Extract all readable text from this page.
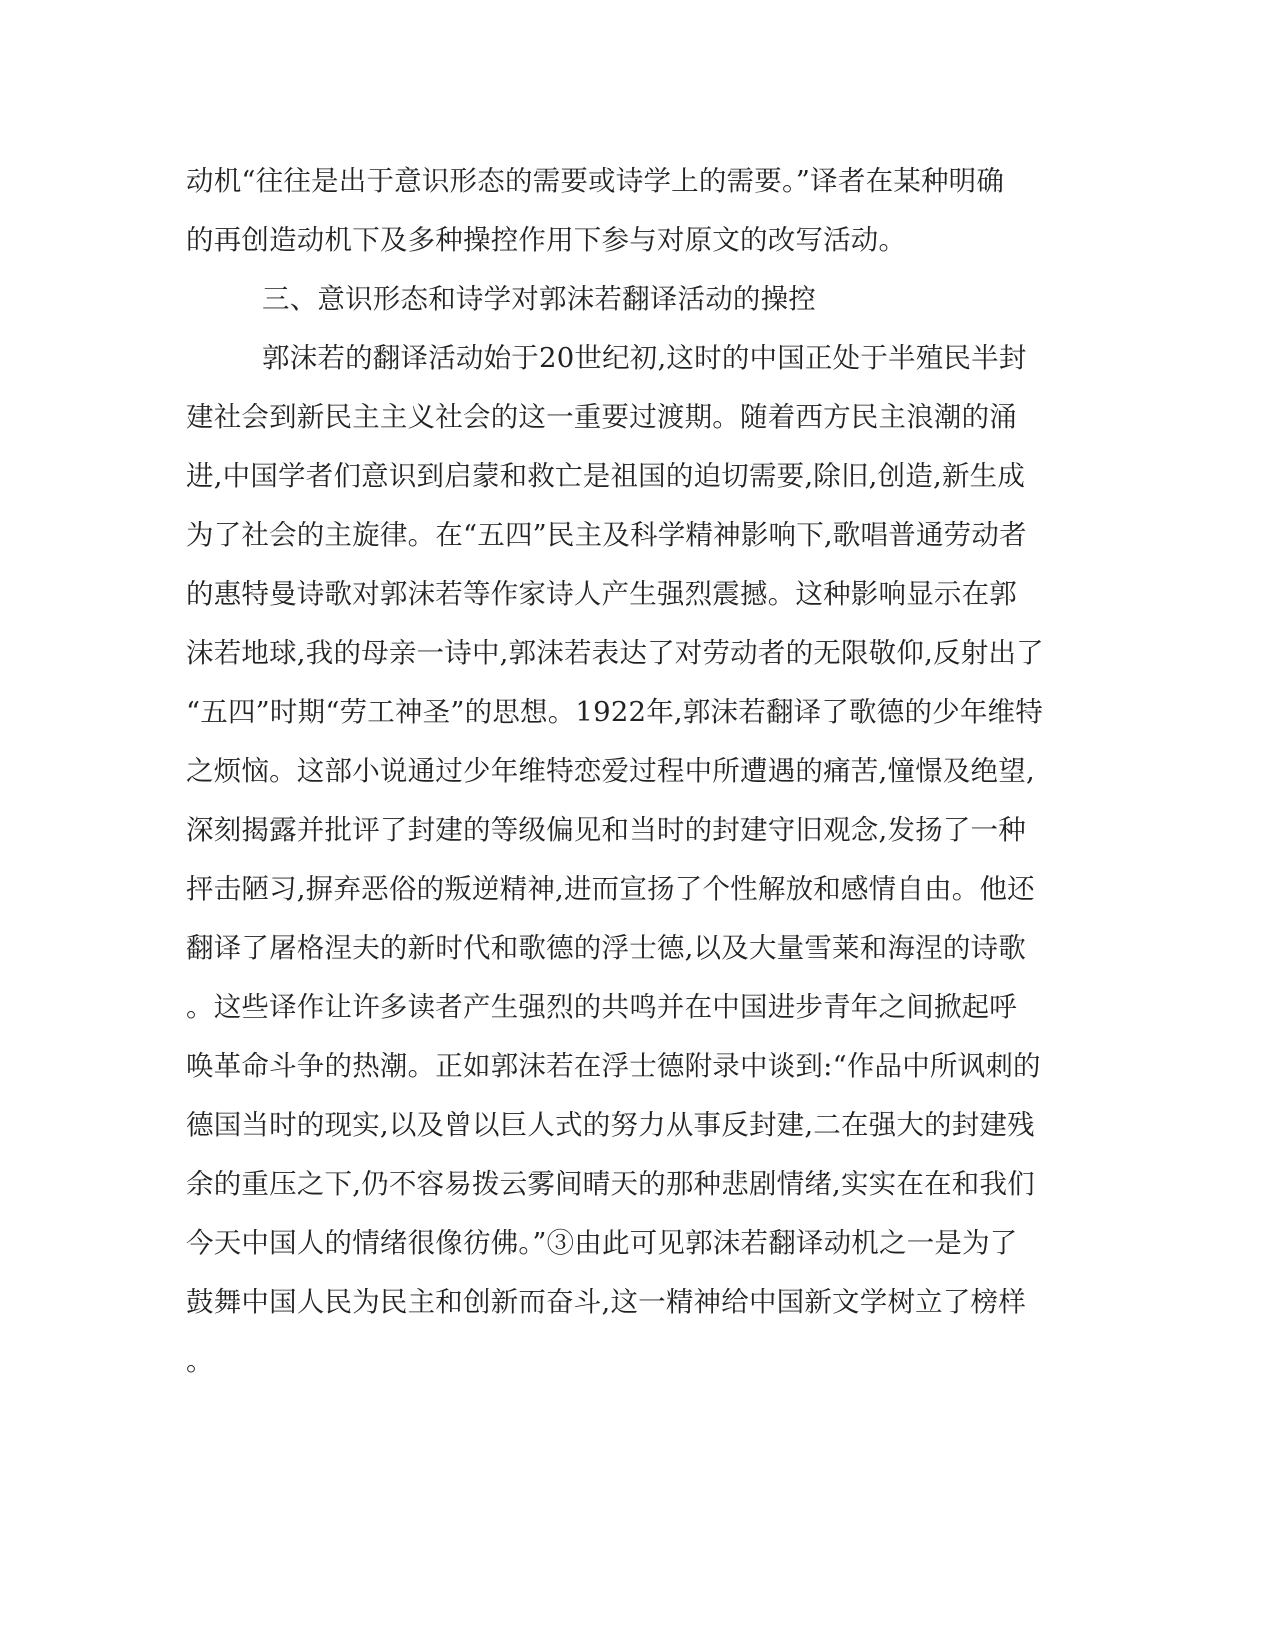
动机“往往是出于意识形态的需要或诗学上的需要。”译者在某种明确
的再创造动机下及多种操控作用下参与对原文的改写活动。
三、意识形态和诗学对郭沫若翻译活动的操控
郭沫若的翻译活动始于20世纪初,这时的中国正处于半殖民半封
建社会到新民主主义社会的这一重要过渡期。随着西方民主浪潮的涌
进,中国学者们意识到启蒙和救亡是祖国的迫切需要,除旧,创造,新生成
为了社会的主旋律。在“五四”民主及科学精神影响下,歌唱普通劳动者
的惠特曼诗歌对郭沫若等作家诗人产生强烈震撼。这种影响显示在郭
沫若地球,我的母亲一诗中,郭沫若表达了对劳动者的无限敬仰,反射出了
“五四”时期“劳工神圣”的思想。1922年,郭沫若翻译了歌德的少年维特
之烦恼。这部小说通过少年维特恋爱过程中所遭遇的痛苦,憧憬及绝望,
深刻揭露并批评了封建的等级偏见和当时的封建守旧观念,发扬了一种
抨击陋习,摒弃恶俗的叛逆精神,进而宣扬了个性解放和感情自由。他还
翻译了屠格涅夫的新时代和歌德的浮士德,以及大量雪莱和海涅的诗歌
。这些译作让许多读者产生强烈的共鸣并在中国进步青年之间掀起呼
唤革命斗争的热潮。正如郭沫若在浮士德附录中谈到:“作品中所讽刺的
德国当时的现实,以及曾以巨人式的努力从事反封建,二在强大的封建残
余的重压之下,仍不容易拨云雾间晴天的那种悲剧情绪,实实在在和我们
今天中国人的情绪很像彷佛。”③由此可见郭沫若翻译动机之一是为了
鼓舞中国人民为民主和创新而奋斗,这一精神给中国新文学树立了榜样
。
